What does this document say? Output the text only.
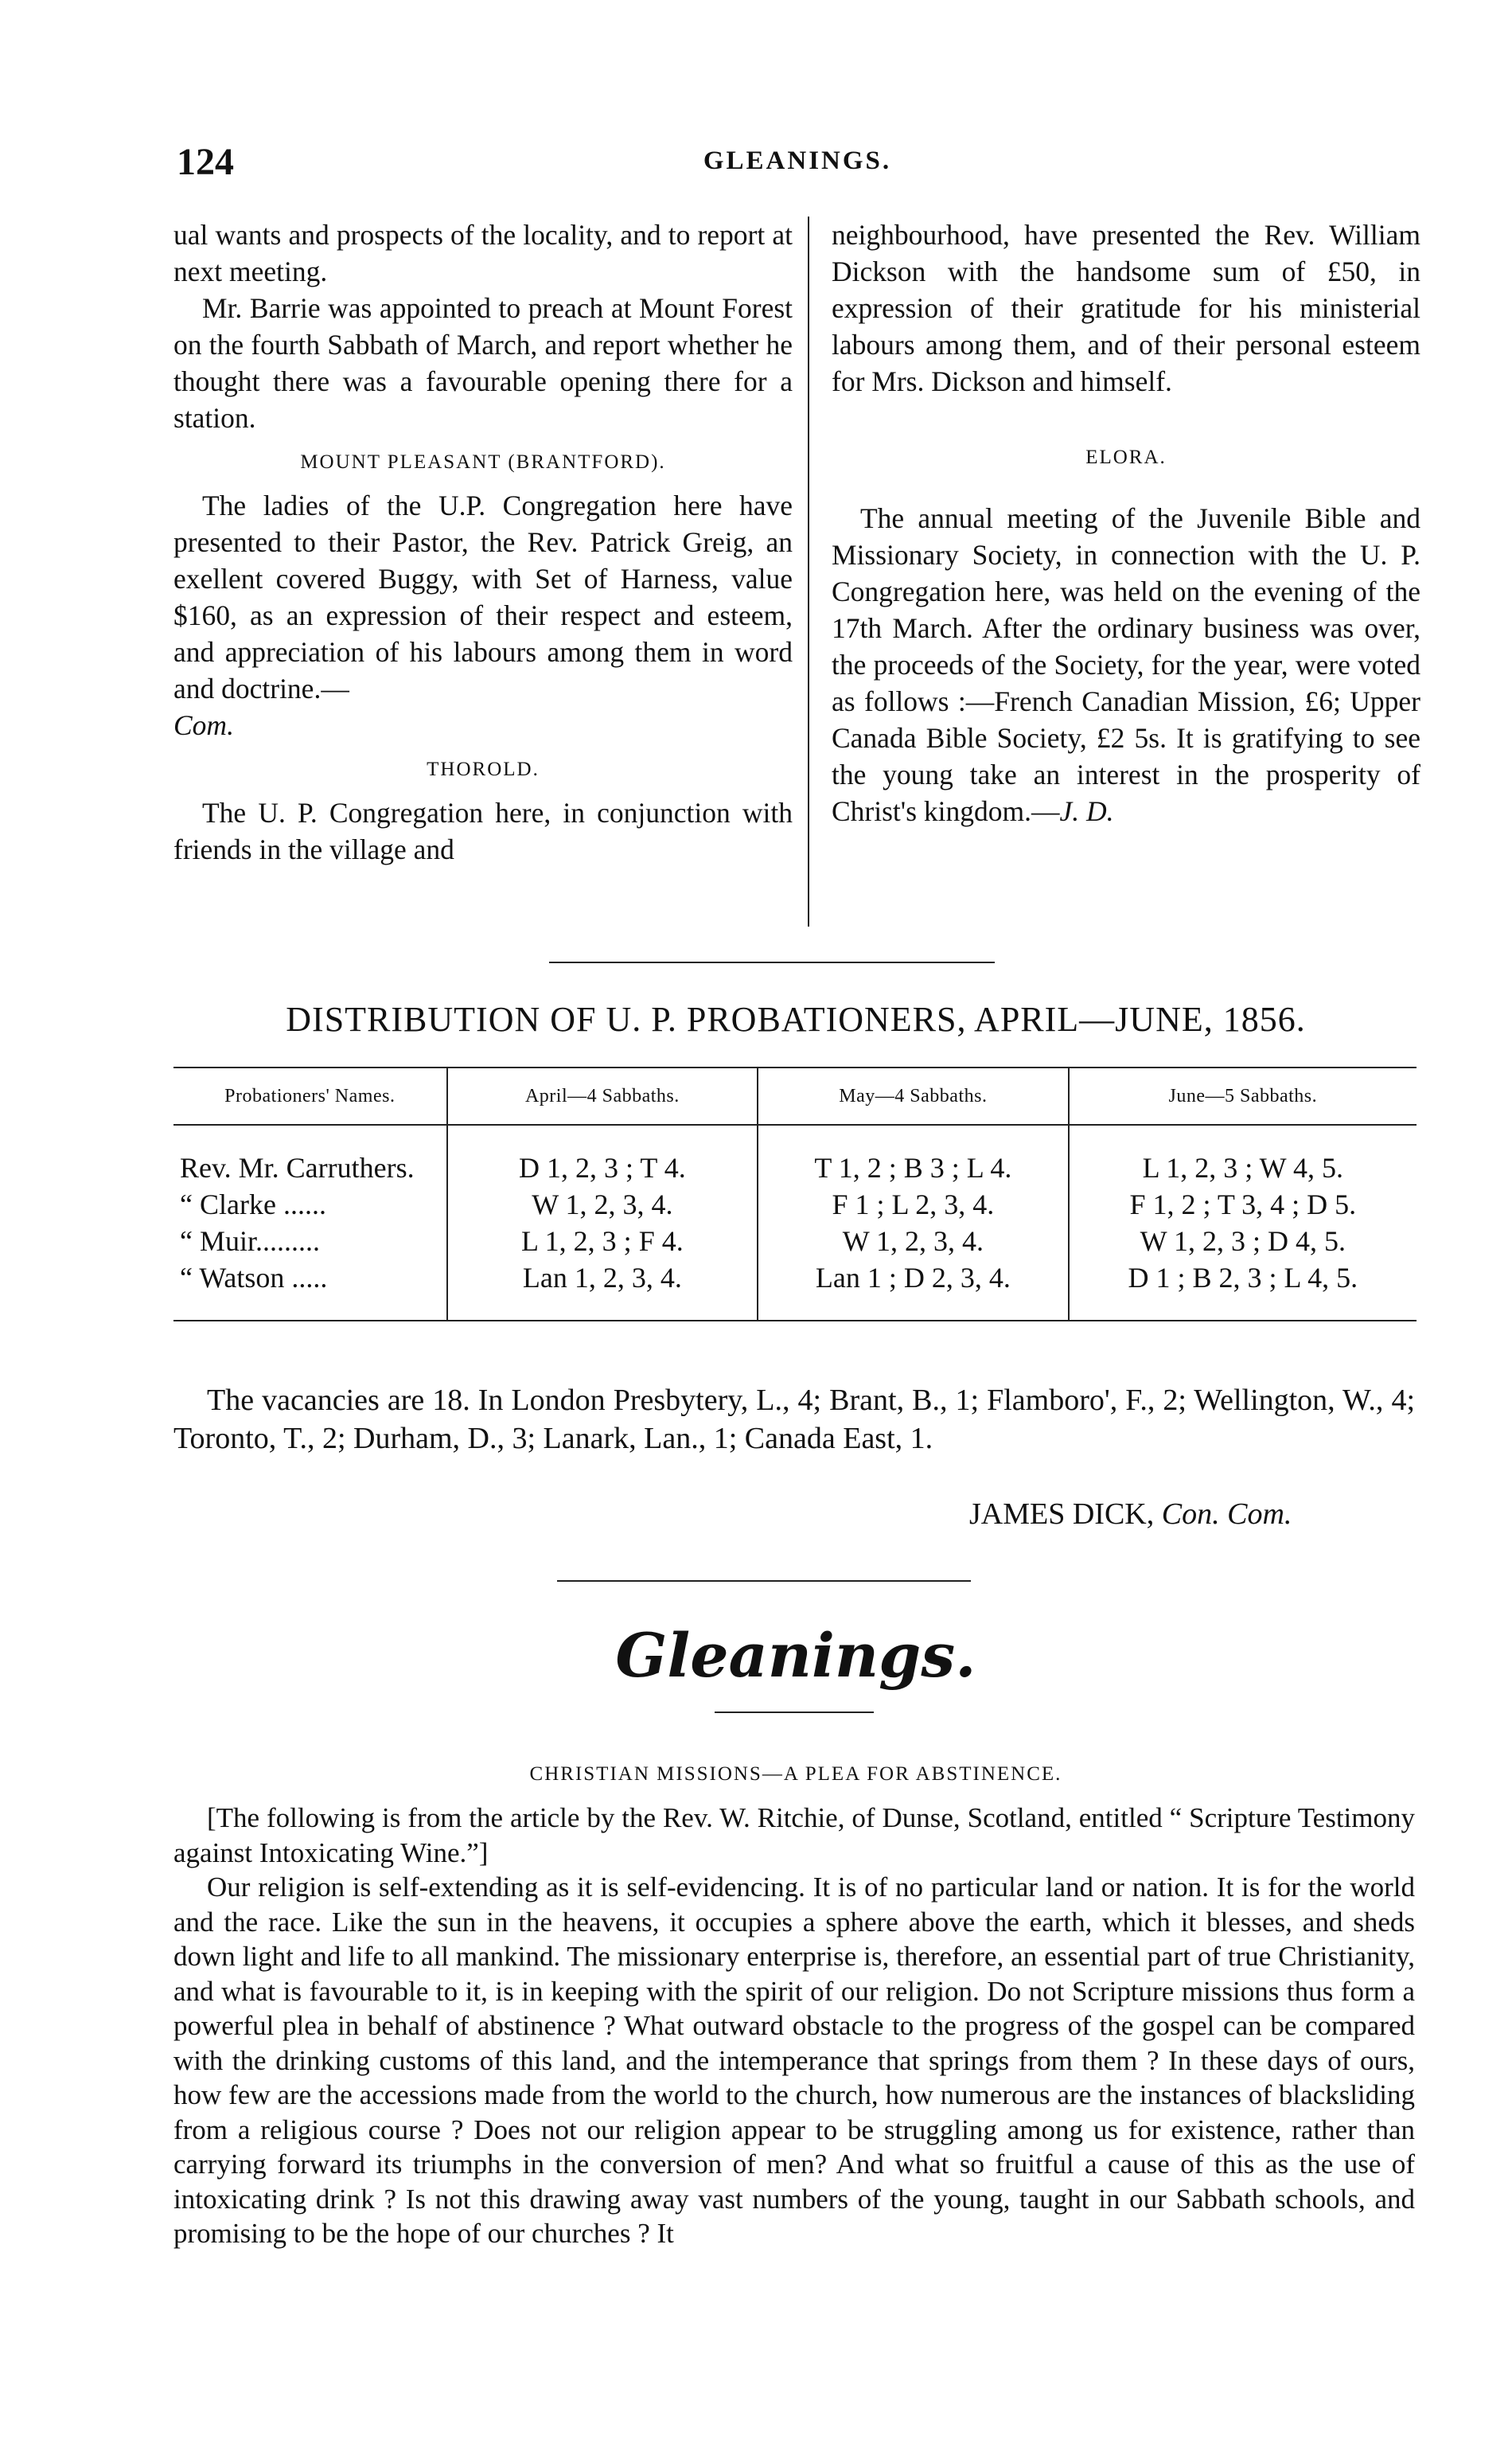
124	GLEANINGS.

ual wants and prospects of the locality, and to report at next meeting.

Mr. Barrie was appointed to preach at Mount Forest on the fourth Sabbath of March, and report whether he thought there was a favourable opening there for a station.

MOUNT PLEASANT (BRANTFORD).

The ladies of the U.P. Congregation here have presented to their Pastor, the Rev. Patrick Greig, an exellent covered Buggy, with Set of Harness, value $160, as an expression of their respect and esteem, and appreciation of his labours among them in word and doctrine.—
Com.

THOROLD.

The U. P. Congregation here, in conjunction with friends in the village and

neighbourhood, have presented the Rev. William Dickson with the handsome sum of £50, in expression of their gratitude for his ministerial labours among them, and of their personal esteem for Mrs. Dickson and himself.

ELORA.

The annual meeting of the Juvenile Bible and Missionary Society, in connection with the U. P. Congregation here, was held on the evening of the 17th March. After the ordinary business was over, the proceeds of the Society, for the year, were voted as follows :—French Canadian Mission, £6; Upper Canada Bible Society, £2 5s. It is gratifying to see the young take an interest in the prosperity of Christ's kingdom.—J. D.

DISTRIBUTION OF U. P. PROBATIONERS, APRIL—JUNE, 1856.
Probationers' Names.	April—4 Sabbaths.	May—4 Sabbaths.	June—5 Sabbaths.
Rev. Mr. Carruthers.	D 1, 2, 3 ; T 4.	T 1, 2 ; B 3 ; L 4.	L 1, 2, 3 ; W 4, 5.
“ Clarke ......	W 1, 2, 3, 4.	F 1 ; L 2, 3, 4.	F 1, 2 ; T 3, 4 ; D 5.
“ Muir.........	L 1, 2, 3 ; F 4.	W 1, 2, 3, 4.	W 1, 2, 3 ; D 4, 5.
“ Watson .....	Lan 1, 2, 3, 4.	Lan 1 ; D 2, 3, 4.	D 1 ; B 2, 3 ; L 4, 5.

The vacancies are 18. In London Presbytery, L., 4; Brant, B., 1; Flamboro', F., 2; Wellington, W., 4; Toronto, T., 2; Durham, D., 3; Lanark, Lan., 1; Canada East, 1.

JAMES DICK, Con. Com.
Gleanings.
CHRISTIAN MISSIONS—A PLEA FOR ABSTINENCE.

[The following is from the article by the Rev. W. Ritchie, of Dunse, Scotland, entitled “ Scripture Testimony against Intoxicating Wine.”]

Our religion is self-extending as it is self-evidencing. It is of no particular land or nation. It is for the world and the race. Like the sun in the heavens, it occupies a sphere above the earth, which it blesses, and sheds down light and life to all mankind. The missionary enterprise is, therefore, an essential part of true Christianity, and what is favourable to it, is in keeping with the spirit of our religion. Do not Scripture missions thus form a powerful plea in behalf of abstinence ? What outward obstacle to the progress of the gospel can be compared with the drinking customs of this land, and the intemperance that springs from them ? In these days of ours, how few are the accessions made from the world to the church, how numerous are the instances of blacksliding from a religious course ? Does not our religion appear to be struggling among us for existence, rather than carrying forward its triumphs in the conversion of men? And what so fruitful a cause of this as the use of intoxicating drink ? Is not this drawing away vast numbers of the young, taught in our Sabbath schools, and promising to be the hope of our churches ? It
